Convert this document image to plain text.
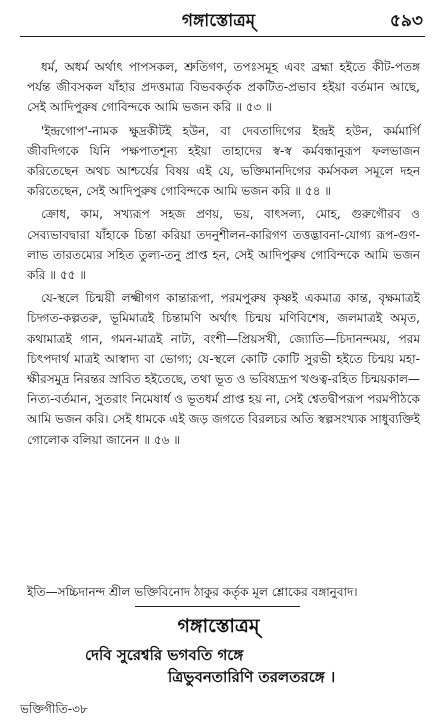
গঙ্গাস্তোত্রম্	৫৯৩

ধর্ম, অধর্ম অর্থাৎ পাপসকল, শ্রুতিগণ, তপঃসমূহ এবং ব্রহ্মা হইতে কীট-পতঙ্গ পর্যন্ত জীবসকল যাঁহার প্রদত্তমাত্র বিভবকর্তৃক প্রকটিত-প্রভাব হইয়া বর্তমান আছে, সেই আদিপুরুষ গোবিন্দকে আমি ভজন করি ॥ ৫৩ ॥

'ইন্দ্রগোপ'-নামক ক্ষুদ্রকীটই হউন, বা দেবতাদিগের ইন্দ্রই হউন, কর্মমার্গি জীবদিগকে যিনি পক্ষপাতশূন্য হইয়া তাহাদের স্ব-স্ব কর্মবন্ধানুরূপ ফলভাজন করিতেছেন অথচ আশ্চর্যের বিষয় এই যে, ভক্তিমানদিগের কর্মসকল সমূলে দহন করিতেছেন, সেই আদিপুরুষ গোবিন্দকে আমি ভজন করি ॥ ৫৪ ॥

ক্রোধ, কাম, সখ্যরূপ সহজ প্রণয়, ভয়, বাৎসল্য, মোহ, গুরুগৌরব ও সেব্যভাবদ্বারা যাঁহাকে চিন্তা করিয়া তদনুশীলন-কারিগণ তত্তদ্ভাবনা-যোগ্য রূপ-গুণ-লাভ তারতম্যের সহিত তুল্য-তনু প্রাপ্ত হন, সেই আদিপুরুষ গোবিন্দকে আমি ভজন করি ॥ ৫৫ ॥

যে-স্থলে চিন্ময়ী লক্ষ্মীগণ কান্তারূপা, পরমপুরুষ কৃষ্ণই একমাত্র কান্ত, বৃক্ষমাত্রই চিদ্গত-কল্পতরু, ভূমিমাত্রই চিন্তামণি অর্থাৎ চিন্ময় মণিবিশেষ, জলমাত্রই অমৃত, কথামাত্রই গান, গমন-মাত্রই নাট্য, বংশী—প্রিয়সখী, জ্যোতি—চিদানন্দময়, পরম চিৎপদার্থ মাত্রই আস্বাদ্য বা ভোগ্য; যে-স্থলে কোটি কোটি সুরভী হইতে চিন্ময় মহা-ক্ষীরসমুদ্র নিরন্তর স্রাবিত হইতেছে, তথা ভূত ও ভবিষ্যদ্রূপ খণ্ডত্ব-রহিত চিন্ময়কাল—নিত্য-বর্তমান, সুতরাং নিমেষার্ধ ও ভূতধর্ম প্রাপ্ত হয় না, সেই শ্বেতদ্বীপরূপ পরমপীঠকে আমি ভজন করি। সেই ধামকে এই জড় জগতে বিরলচর অতি স্বল্পসংখ্যক সাধুব্যক্তিই গোলোক বলিয়া জানেন ॥ ৫৬ ॥

ইতি—সচ্চিদানন্দ শ্রীল ভক্তিবিনোদ ঠাকুর কর্তৃক মূল শ্লোকের বঙ্গানুবাদ।
গঙ্গাস্তোত্রম্
দেবি সুরেশ্বরি ভগবতি গঙ্গে
ত্রিভুবনতারিণি তরলতরঙ্গে ।
ভক্তিগীতি-৩৮
